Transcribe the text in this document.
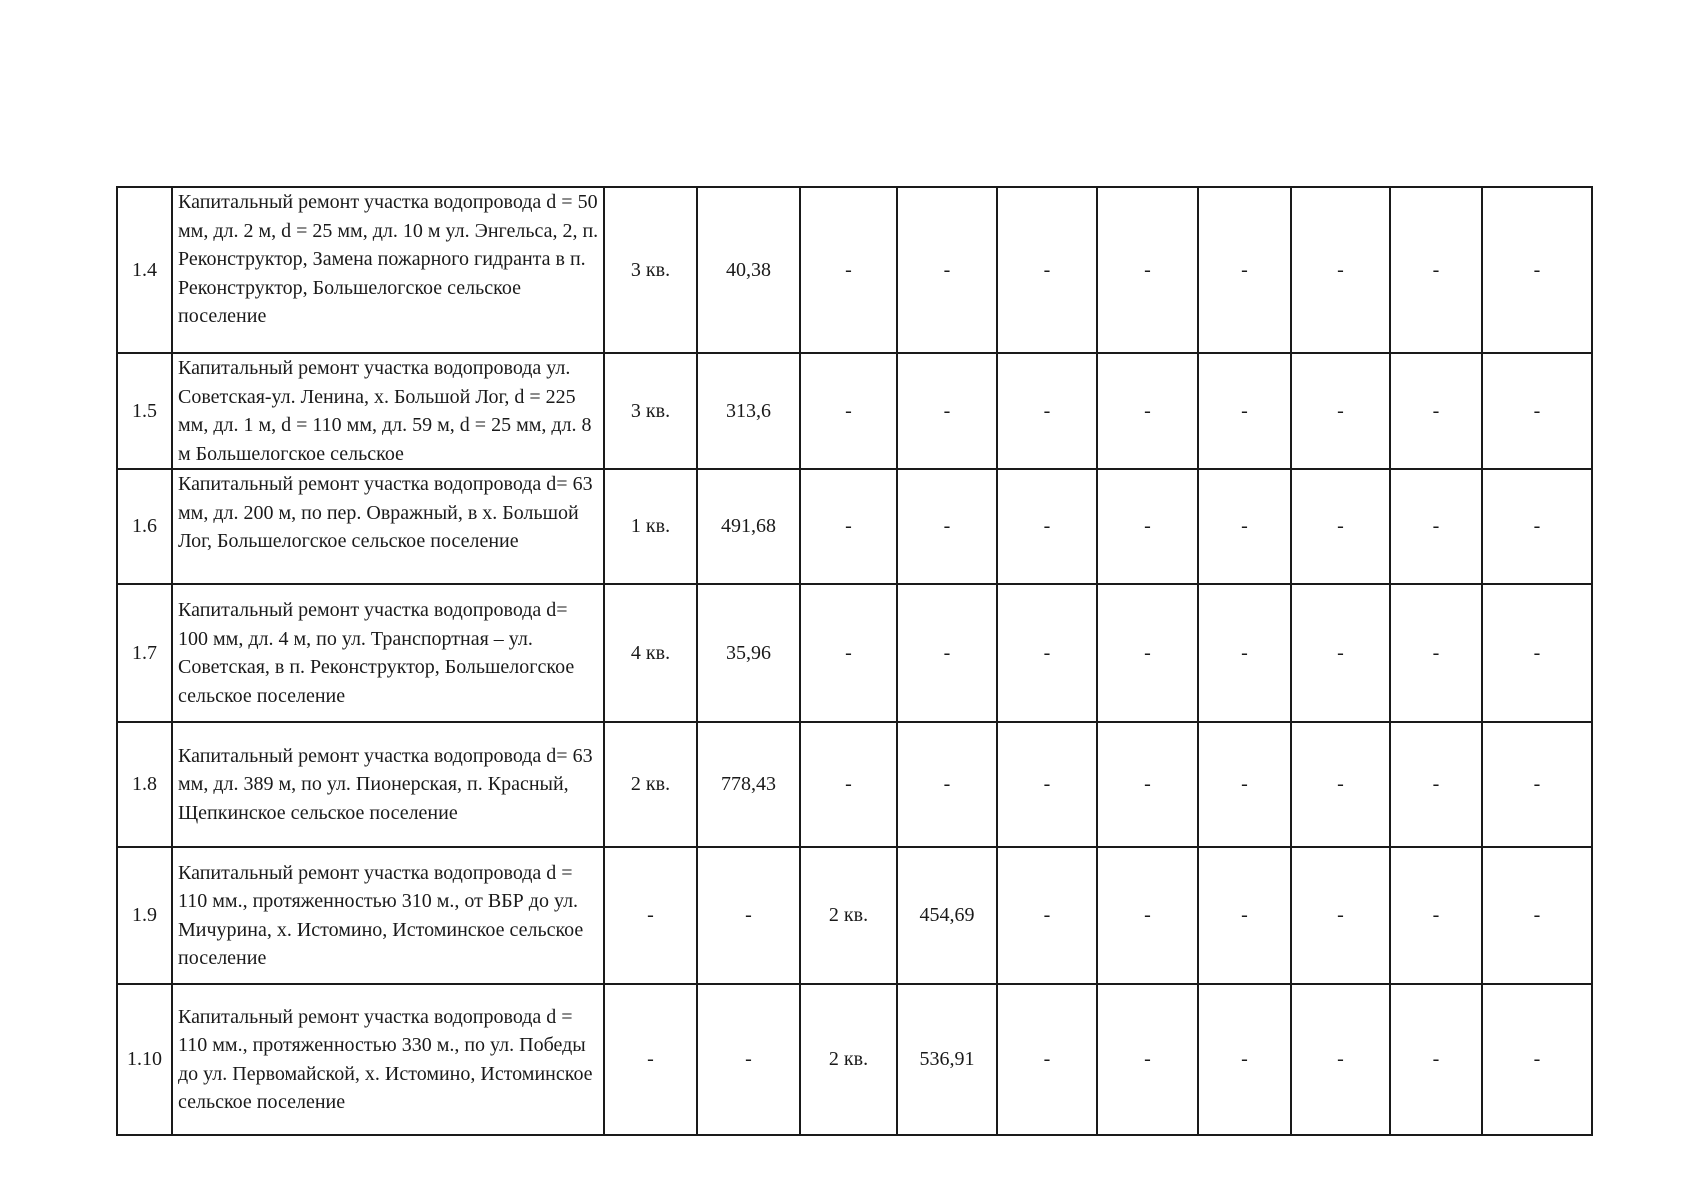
1.4	Капитальный ремонт участка водопровода d = 50 мм, дл. 2 м, d = 25 мм, дл. 10 м ул. Энгельса, 2, п. Реконструктор, Замена пожарного гидранта в п. Реконструктор, Большелогское сельское поселение	3 кв.	40,38	-	-	-	-	-	-	-	-
1.5	Капитальный ремонт участка водопровода ул. Советская-ул. Ленина, х. Большой Лог, d = 225 мм, дл. 1 м, d = 110 мм, дл. 59 м, d = 25 мм, дл. 8 м Большелогское сельское	3 кв.	313,6	-	-	-	-	-	-	-	-
1.6	Капитальный ремонт участка водопровода d= 63 мм, дл. 200 м, по пер. Овражный, в х. Большой Лог, Большелогское сельское поселение	1 кв.	491,68	-	-	-	-	-	-	-	-
1.7	Капитальный ремонт участка водопровода d= 100 мм, дл. 4 м, по ул. Транспортная – ул. Советская, в п. Реконструктор, Большелогское сельское поселение	4 кв.	35,96	-	-	-	-	-	-	-	-
1.8	Капитальный ремонт участка водопровода d= 63 мм, дл. 389 м, по ул. Пионерская, п. Красный, Щепкинское сельское поселение	2 кв.	778,43	-	-	-	-	-	-	-	-
1.9	Капитальный ремонт участка водопровода d = 110 мм., протяженностью 310 м., от ВБР до ул. Мичурина, х. Истомино, Истоминское сельское поселение	-	-	2 кв.	454,69	-	-	-	-	-	-
1.10	Капитальный ремонт участка водопровода d = 110 мм., протяженностью 330 м., по ул. Победы до ул. Первомайской, х. Истомино, Истоминское сельское поселение	-	-	2 кв.	536,91	-	-	-	-	-	-
